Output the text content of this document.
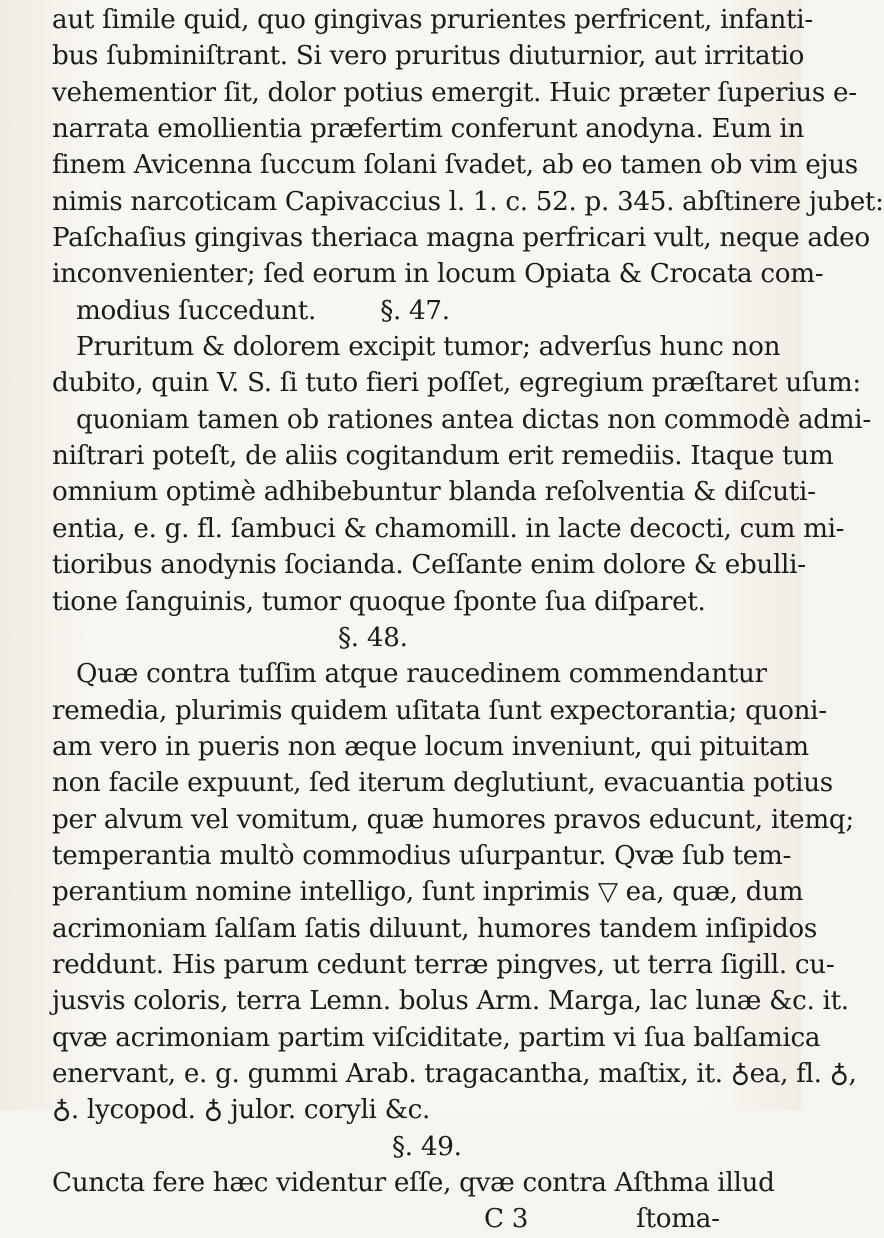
aut ſimile quid, quo gingivas prurientes perfricent, infanti-
bus ſubminiſtrant. Si vero pruritus diuturnior, aut irritatio
vehementior ſit, dolor potius emergit. Huic præter ſuperius e-
narrata emollientia præfertim conferunt anodyna. Eum in
finem Avicenna ſuccum ſolani ſvadet, ab eo tamen ob vim ejus
nimis narcoticam Capivaccius l. 1. c. 52. p. 345. abſtinere jubet:
Paſchaſius gingivas theriaca magna perfricari vult, neque adeo
inconvenienter; ſed eorum in locum Opiata & Crocata com-
modius ſuccedunt.        §. 47.
Pruritum & dolorem excipit tumor; adverſus hunc non
dubito, quin V. S. ſi tuto fieri poſſet, egregium præſtaret uſum:
quoniam tamen ob rationes antea dictas non commodè admi-
niſtrari poteſt, de aliis cogitandum erit remediis. Itaque tum
omnium optimè adhibebuntur blanda reſolventia & diſcuti-
entia, e. g. fl. ſambuci & chamomill. in lacte decocti, cum mi-
tioribus anodynis ſocianda. Ceſſante enim dolore & ebulli-
tione ſanguinis, tumor quoque ſponte ſua diſparet.
§. 48.
Quæ contra tuſſim atque raucedinem commendantur
remedia, plurimis quidem uſitata ſunt expectorantia; quoni-
am vero in pueris non æque locum inveniunt, qui pituitam
non facile expuunt, ſed iterum deglutiunt, evacuantia potius
per alvum vel vomitum, quæ humores pravos educunt, itemq;
temperantia multò commodius uſurpantur. Qvæ ſub tem-
perantium nomine intelligo, ſunt inprimis ▽ ea, quæ, dum
acrimoniam ſalſam ſatis diluunt, humores tandem inſipidos
reddunt. His parum cedunt terræ pingves, ut terra ſigill. cu-
jusvis coloris, terra Lemn. bolus Arm. Marga, lac lunæ &c. it.
qvæ acrimoniam partim viſciditate, partim vi ſua balſamica
enervant, e. g. gummi Arab. tragacantha, maſtix, it. ♁ea, fl. ♁,
♁. lycopod. ♁ julor. coryli &c.
§. 49.
Cuncta fere hæc videntur eſſe, qvæ contra Aſthma illud
C 3	ſtoma-
